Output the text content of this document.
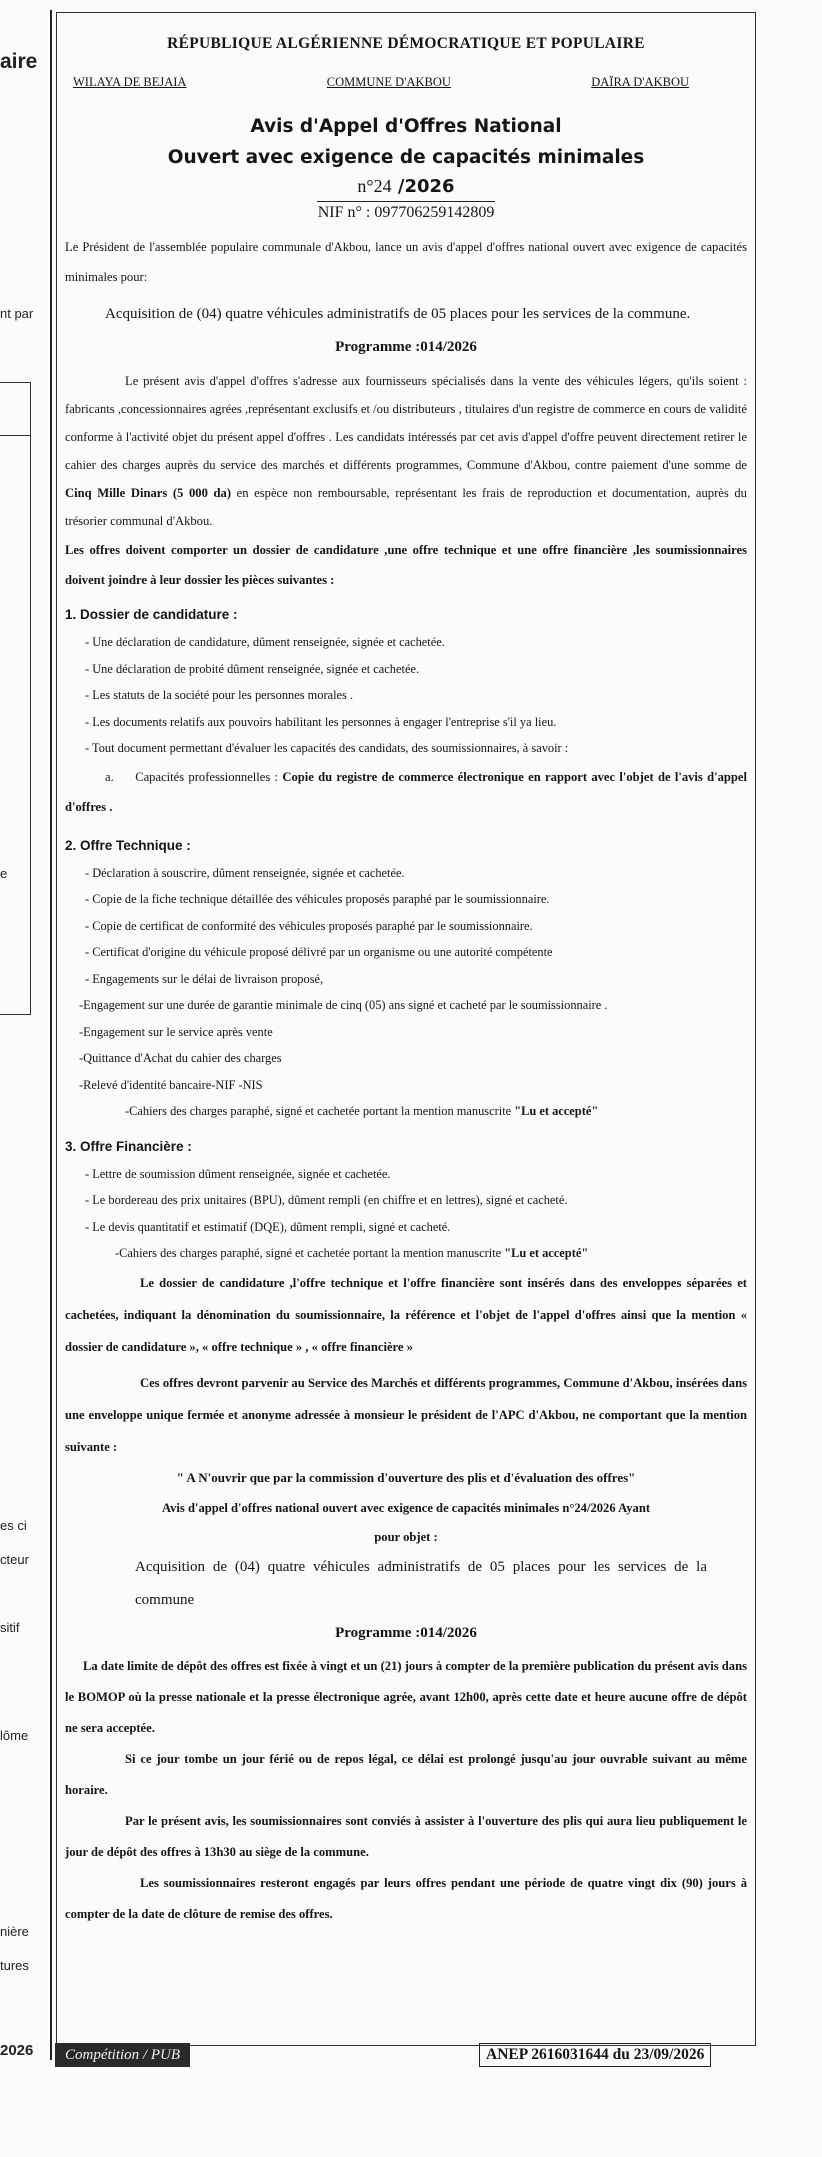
aire
nt par
e
es ci
cteur
sitif
lôme
nière
tures
2026
RÉPUBLIQUE ALGÉRIENNE DÉMOCRATIQUE ET POPULAIRE
WILAYA DE BEJAIA	COMMUNE D'AKBOU	DAÏRA D'AKBOU
Avis d'Appel d'Offres National
Ouvert avec exigence de capacités minimales
n°24 /2026
NIF n° : 097706259142809
Le Président de l'assemblée populaire communale d'Akbou, lance un avis d'appel d'offres national ouvert avec exigence de capacités minimales pour:
Acquisition de (04) quatre véhicules administratifs de 05 places pour les services de la commune.
Programme :014/2026
Le présent avis d'appel d'offres s'adresse aux fournisseurs spécialisés dans la vente des véhicules légers, qu'ils soient : fabricants ,concessionnaires agrées ,représentant exclusifs et /ou distributeurs , titulaires d'un registre de commerce en cours de validité conforme à l'activité objet du présent appel d'offres . Les candidats intéressés par cet avis d'appel d'offre peuvent directement retirer le cahier des charges auprès du service des marchés et différents programmes, Commune d'Akbou, contre paiement d'une somme de Cinq Mille Dinars (5 000 da) en espèce non remboursable, représentant les frais de reproduction et documentation, auprès du trésorier communal d'Akbou.
Les offres doivent comporter un dossier de candidature ,une offre technique et une offre financière ,les soumissionnaires doivent joindre à leur dossier les pièces suivantes :
1. Dossier de candidature :
- Une déclaration de candidature, dûment renseignée, signée et cachetée.
- Une déclaration de probité dûment renseignée, signée et cachetée.
- Les statuts de la société pour les personnes morales .
- Les documents relatifs aux pouvoirs habilitant les personnes à engager l'entreprise s'il ya lieu.
- Tout document permettant d'évaluer les capacités des candidats, des soumissionnaires, à savoir :
a. Capacités professionnelles : Copie du registre de commerce électronique en rapport avec l'objet de l'avis d'appel d'offres .
2. Offre Technique :
- Déclaration à souscrire, dûment renseignée, signée et cachetée.
- Copie de la fiche technique détaillée des véhicules proposés paraphé par le soumissionnaire.
- Copie de certificat de conformité des véhicules proposés paraphé par le soumissionnaire.
- Certificat d'origine du véhicule proposé délivré par un organisme ou une autorité compétente
- Engagements sur le délai de livraison proposé,
-Engagement sur une durée de garantie minimale de cinq (05) ans signé et cacheté par le soumissionnaire .
-Engagement sur le service après vente
-Quittance d'Achat du cahier des charges
-Relevé d'identité bancaire-NIF -NIS
-Cahiers des charges paraphé, signé et cachetée portant la mention manuscrite "Lu et accepté"
3. Offre Financière :
- Lettre de soumission dûment renseignée, signée et cachetée.
- Le bordereau des prix unitaires (BPU), dûment rempli (en chiffre et en lettres), signé et cacheté.
- Le devis quantitatif et estimatif (DQE), dûment rempli, signé et cacheté.
-Cahiers des charges paraphé, signé et cachetée portant la mention manuscrite "Lu et accepté"
Le dossier de candidature ,l'offre technique et l'offre financière sont insérés dans des enveloppes séparées et cachetées, indiquant la dénomination du soumissionnaire, la référence et l'objet de l'appel d'offres ainsi que la mention « dossier de candidature », « offre technique » , « offre financière »
Ces offres devront parvenir au Service des Marchés et différents programmes, Commune d'Akbou, insérées dans une enveloppe unique fermée et anonyme adressée à monsieur le président de l'APC d'Akbou, ne comportant que la mention suivante :
" A N'ouvrir que par la commission d'ouverture des plis et d'évaluation des offres"
Avis d'appel d'offres national ouvert avec exigence de capacités minimales n°24/2026 Ayant
pour objet :
Acquisition de (04) quatre véhicules administratifs de 05 places pour les services de la commune
Programme :014/2026
La date limite de dépôt des offres est fixée à vingt et un (21) jours à compter de la première publication du présent avis dans le BOMOP où la presse nationale et la presse électronique agrée, avant 12h00, après cette date et heure aucune offre de dépôt ne sera acceptée.
Si ce jour tombe un jour férié ou de repos légal, ce délai est prolongé jusqu'au jour ouvrable suivant au même horaire.
Par le présent avis, les soumissionnaires sont conviés à assister à l'ouverture des plis qui aura lieu publiquement le jour de dépôt des offres à 13h30 au siège de la commune.
Les soumissionnaires resteront engagés par leurs offres pendant une période de quatre vingt dix (90) jours à compter de la date de clôture de remise des offres.
Compétition / PUB	ANEP 2616031644 du 23/09/2026
